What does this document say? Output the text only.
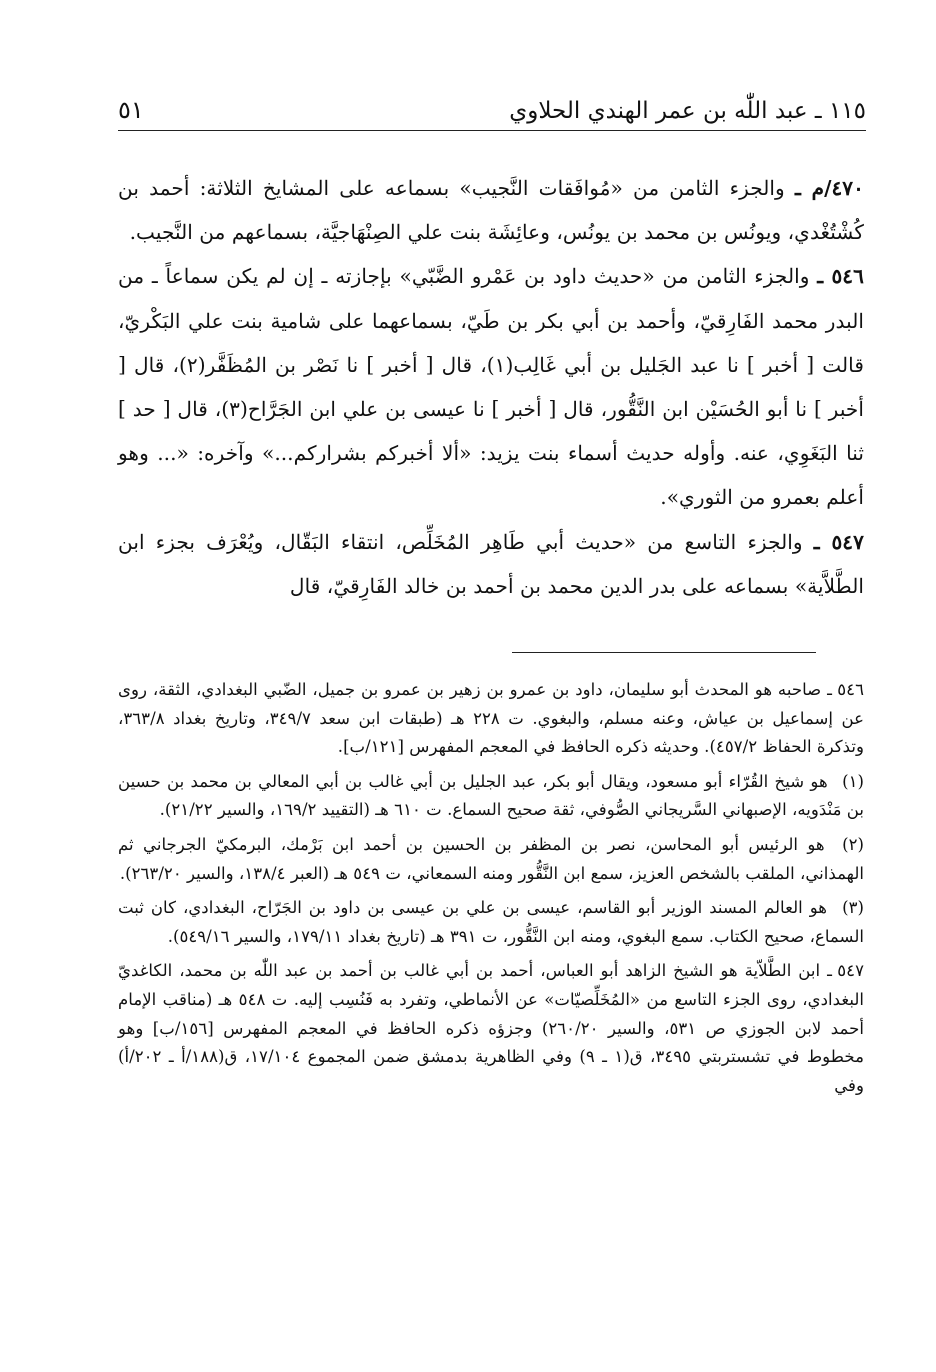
١١٥ ـ عبد اللّٰه بن عمر الهندي الحلاوي
٥١

٤٧٠/م ـ والجزء الثامن من «مُوافَقات النَّجيب» بسماعه على المشايخ الثلاثة: أحمد بن كُشْتُغْدي، ويونُس بن محمد بن يونُس، وعائِشَة بنت علي الصِنْهَاجيَّة، بسماعهم من النَّجيب.

٥٤٦ ـ والجزء الثامن من «حديث داود بن عَمْرو الضَّبّي» بإجازته ـ إن لم يكن سماعاً ـ من البدر محمد الفَارِقيّ، وأحمد بن أبي بكر بن طَيّ، بسماعهما على شامية بنت علي البَكْريّ، قالت [ أخبر ] نا عبد الجَليل بن أبي غَالِب(١)، قال [ أخبر ] نا نَصْر بن المُظَفَّر(٢)، قال [ أخبر ] نا أبو الحُسَيْن ابن النَّقُّور، قال [ أخبر ] نا عيسى بن علي ابن الجَرَّاح(٣)، قال [ حد ] ثنا البَغَوِي، عنه. وأوله حديث أسماء بنت يزيد: «ألا أخبركم بشراركم...» وآخره: «... وهو أعلم بعمرو من الثوري».

٥٤٧ ـ والجزء التاسع من «حديث أبي طَاهِر المُخَلِّص، انتقاء البَقّال، ويُعْرَف بجزء ابن الطَّلاَّية» بسماعه على بدر الدين محمد بن أحمد بن خالد الفَارِقيّ، قال

٥٤٦ ـ صاحبه هو المحدث أبو سليمان، داود بن عمرو بن زهير بن عمرو بن جميل، الضّبي البغدادي، الثقة، روى عن إسماعيل بن عياش، وعنه مسلم، والبغوي. ت ٢٢٨ هـ (طبقات ابن سعد ٣٤٩/٧، وتاريخ بغداد ٣٦٣/٨، وتذكرة الحفاظ ٤٥٧/٢). وحديثه ذكره الحافظ في المعجم المفهرس [١٢١/ب].

(١) هو شيخ القُرّاء أبو مسعود، ويقال أبو بكر، عبد الجليل بن أبي غالب بن أبي المعالي بن محمد بن حسين بن مَنْدَويه، الإصبهاني السَّريجاني الصُّوفي، ثقة صحيح السماع. ت ٦١٠ هـ (التقييد ١٦٩/٢، والسير ٢١/٢٢).

(٢) هو الرئيس أبو المحاسن، نصر بن المظفر بن الحسين بن أحمد ابن بَرْمك، البرمكيّ الجرجاني ثم الهمذاني، الملقب بالشخص العزيز، سمع ابن النَّقُّور ومنه السمعاني، ت ٥٤٩ هـ (العبر ١٣٨/٤، والسير ٢٦٣/٢٠).

(٣) هو العالم المسند الوزير أبو القاسم، عيسى بن علي بن عيسى بن داود بن الجَرّاح، البغدادي، كان ثبت السماع، صحيح الكتاب. سمع البغوي، ومنه ابن النَّقُّور، ت ٣٩١ هـ (تاريخ بغداد ١٧٩/١١، والسير ٥٤٩/١٦).

٥٤٧ ـ ابن الطَّلاّية هو الشيخ الزاهد أبو العباس، أحمد بن أبي غالب بن أحمد بن عبد اللّٰه بن محمد، الكاغديّ البغدادي، روى الجزء التاسع من «المُخَلِّصيّات» عن الأنماطي، وتفرد به فَنُسِب إليه. ت ٥٤٨ هـ (مناقب الإمام أحمد لابن الجوزي ص ٥٣١، والسير ٢٦٠/٢٠) وجزؤه ذكره الحافظ في المعجم المفهرس [١٥٦/ب] وهو مخطوط في تشستربتي ٣٤٩٥، ق(١ ـ ٩) وفي الظاهرية بدمشق ضمن المجموع ١٧/١٠٤، ق(١٨٨/أ ـ ٢٠٢/أ) وفي
